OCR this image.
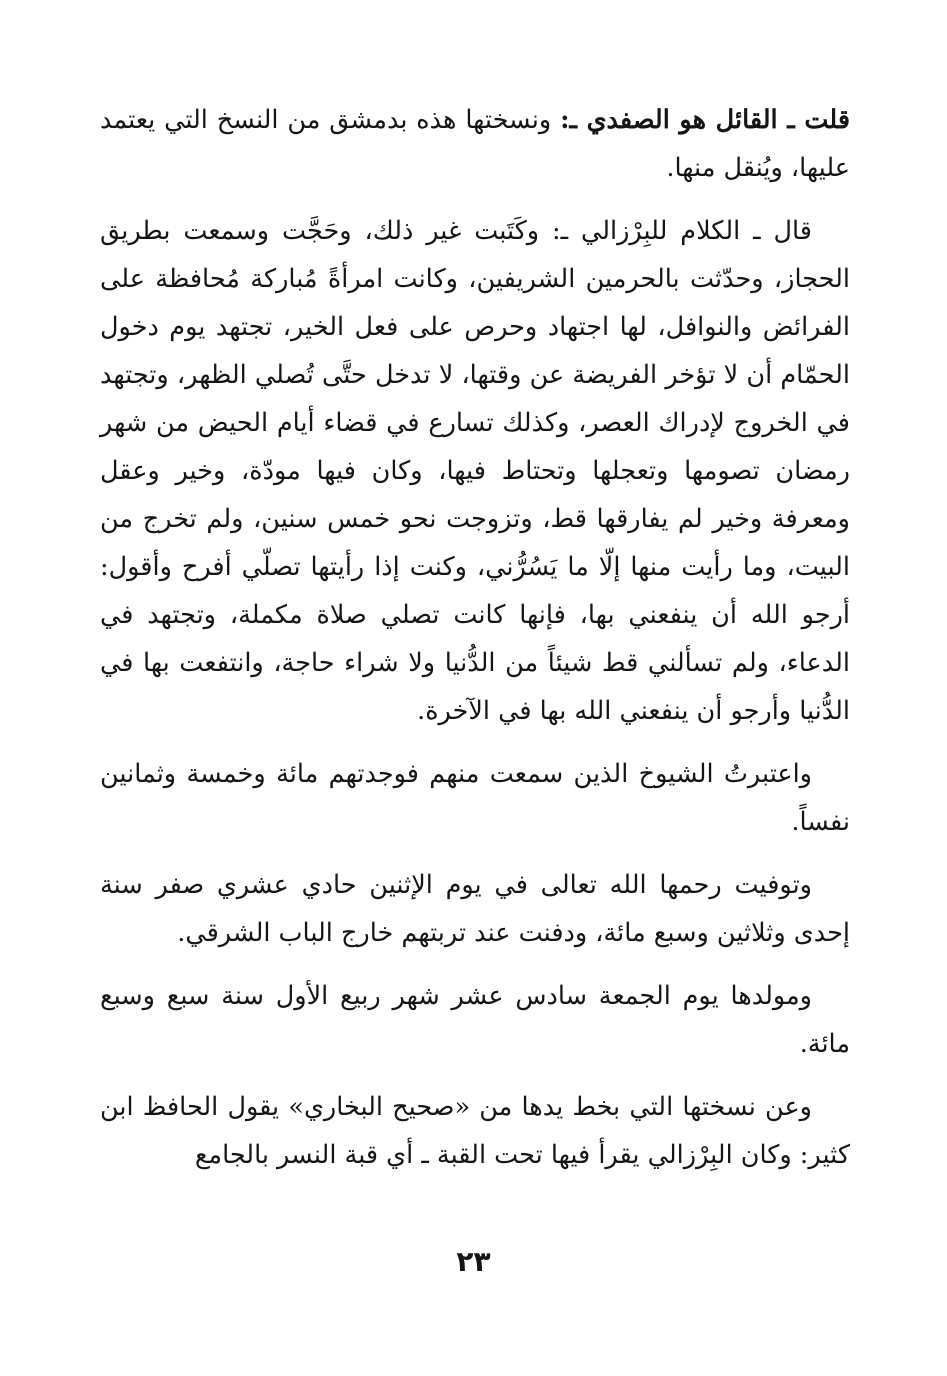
قلت ـ القائل هو الصفدي ـ: ونسختها هذه بدمشق من النسخ التي يعتمد عليها، ويُنقل منها.

قال ـ الكلام للبِرْزالي ـ: وكَتَبت غير ذلك، وحَجَّت وسمعت بطريق الحجاز، وحدّثت بالحرمين الشريفين، وكانت امرأةً مُباركة مُحافظة على الفرائض والنوافل، لها اجتهاد وحرص على فعل الخير، تجتهد يوم دخول الحمّام أن لا تؤخر الفريضة عن وقتها، لا تدخل حتَّى تُصلي الظهر، وتجتهد في الخروج لإدراك العصر، وكذلك تسارع في قضاء أيام الحيض من شهر رمضان تصومها وتعجلها وتحتاط فيها، وكان فيها مودّة، وخير وعقل ومعرفة وخير لم يفارقها قط، وتزوجت نحو خمس سنين، ولم تخرج من البيت، وما رأيت منها إلّا ما يَسُرُّني، وكنت إذا رأيتها تصلّي أفرح وأقول: أرجو الله أن ينفعني بها، فإنها كانت تصلي صلاة مكملة، وتجتهد في الدعاء، ولم تسألني قط شيئاً من الدُّنيا ولا شراء حاجة، وانتفعت بها في الدُّنيا وأرجو أن ينفعني الله بها في الآخرة.

واعتبرتُ الشيوخ الذين سمعت منهم فوجدتهم مائة وخمسة وثمانين نفساً.

وتوفيت رحمها الله تعالى في يوم الإثنين حادي عشري صفر سنة إحدى وثلاثين وسبع مائة، ودفنت عند تربتهم خارج الباب الشرقي.

ومولدها يوم الجمعة سادس عشر شهر ربيع الأول سنة سبع وسبع مائة.

وعن نسختها التي بخط يدها من «صحيح البخاري» يقول الحافظ ابن كثير: وكان البِرْزالي يقرأ فيها تحت القبة ـ أي قبة النسر بالجامع

٢٣
